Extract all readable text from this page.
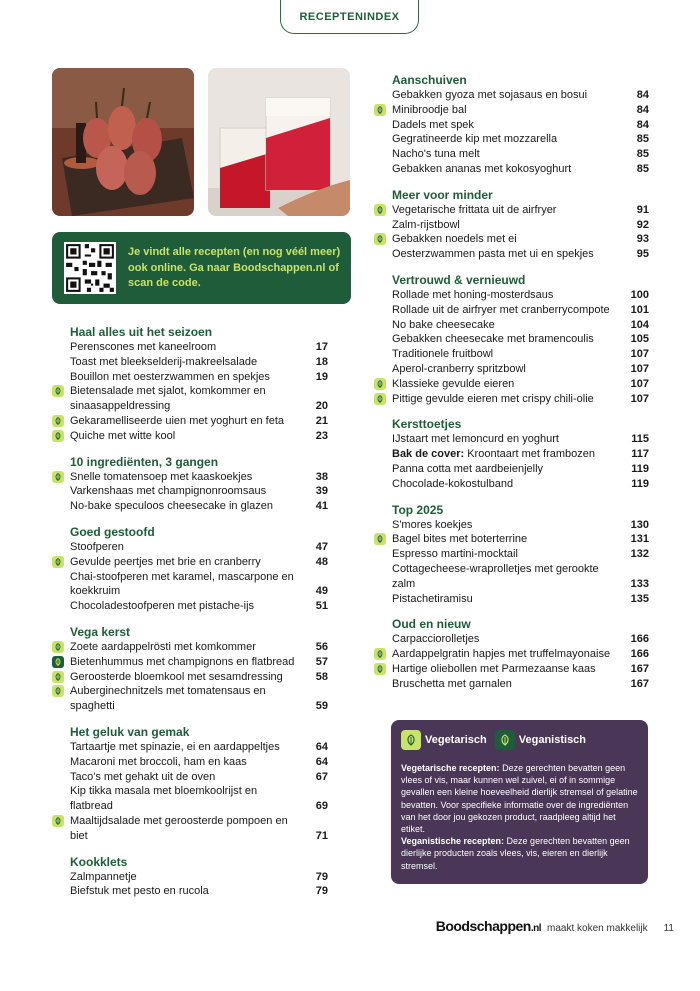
RECEPTENINDEX
Je vindt alle recepten (en nog véél meer) ook online. Ga naar Boodschappen.nl of scan de code.
Haal alles uit het seizoen
Perenscones met kaneelroom	17
Toast met bleekselderij-makreelsalade	18
Bouillon met oesterzwammen en spekjes	19
Bietensalade met sjalot, komkommer en sinaasappeldressing	20
Gekaramelliseerde uien met yoghurt en feta	21
Quiche met witte kool	23
10 ingrediënten, 3 gangen
Snelle tomatensoep met kaaskoekjes	38
Varkenshaas met champignonroomsaus	39
No-bake speculoos cheesecake in glazen	41
Goed gestoofd
Stoofperen	47
Gevulde peertjes met brie en cranberry	48
Chai-stoofperen met karamel, mascarpone en koekkruim	49
Chocoladestoofperen met pistache-ijs	51
Vega kerst
Zoete aardappelrösti met komkommer	56
Bietenhummus met champignons en flatbread 57
Geroosterde bloemkool met sesamdressing	58
Auberginechnitzels met tomatensaus en spaghetti	59
Het geluk van gemak
Tartaartje met spinazie, ei en aardappeltjes	64
Macaroni met broccoli, ham en kaas	64
Taco's met gehakt uit de oven	67
Kip tikka masala met bloemkoolrijst en flatbread	69
Maaltijdsalade met geroosterde pompoen en biet	71
Kookklets
Zalmpannetje	79
Biefstuk met pesto en rucola	79
Aanschuiven
Gebakken gyoza met sojasaus en bosui	84
Minibroodje bal	84
Dadels met spek	84
Gegratineerde kip met mozzarella	85
Nacho's tuna melt	85
Gebakken ananas met kokosyoghurt	85
Meer voor minder
Vegetarische frittata uit de airfryer	91
Zalm-rijstbowl	92
Gebakken noedels met ei	93
Oesterzwammen pasta met ui en spekjes	95
Vertrouwd & vernieuwd
Rollade met honing-mosterdsaus	100
Rollade uit de airfryer met cranberrycompote 101
No bake cheesecake	104
Gebakken cheesecake met bramencoulis	105
Traditionele fruitbowl	107
Aperol-cranberry spritzbowl	107
Klassieke gevulde eieren	107
Pittige gevulde eieren met crispy chili-olie	107
Kersttoetjes
IJstaart met lemoncurd en yoghurt	115
Bak de cover: Kroontaart met frambozen	117
Panna cotta met aardbeienjelly	119
Chocolade-kokostulband	119
Top 2025
S'mores koekjes	130
Bagel bites met boterterrine	131
Espresso martini-mocktail	132
Cottagecheese-wraprolletjes met gerookte zalm	133
Pistachetiramisu	135
Oud en nieuw
Carpacciorolletjes	166
Aardappelgratin hapjes met truffelmayonaise 166
Hartige oliebollen met Parmezaanse kaas	167
Bruschetta met garnalen	167
Vegetarisch	Veganistisch
Vegetarische recepten: Deze gerechten bevatten geen vlees of vis, maar kunnen wel zuivel, ei of in sommige gevallen een kleine hoeveelheid dierlijk stremsel of gelatine bevatten. Voor specifieke informatie over de ingrediënten van het door jou gekozen product, raadpleeg altijd het etiket.
Veganistische recepten: Deze gerechten bevatten geen dierlijke producten zoals vlees, vis, eieren en dierlijk stremsel.
Boodschappen.nl maakt koken makkelijk 11
